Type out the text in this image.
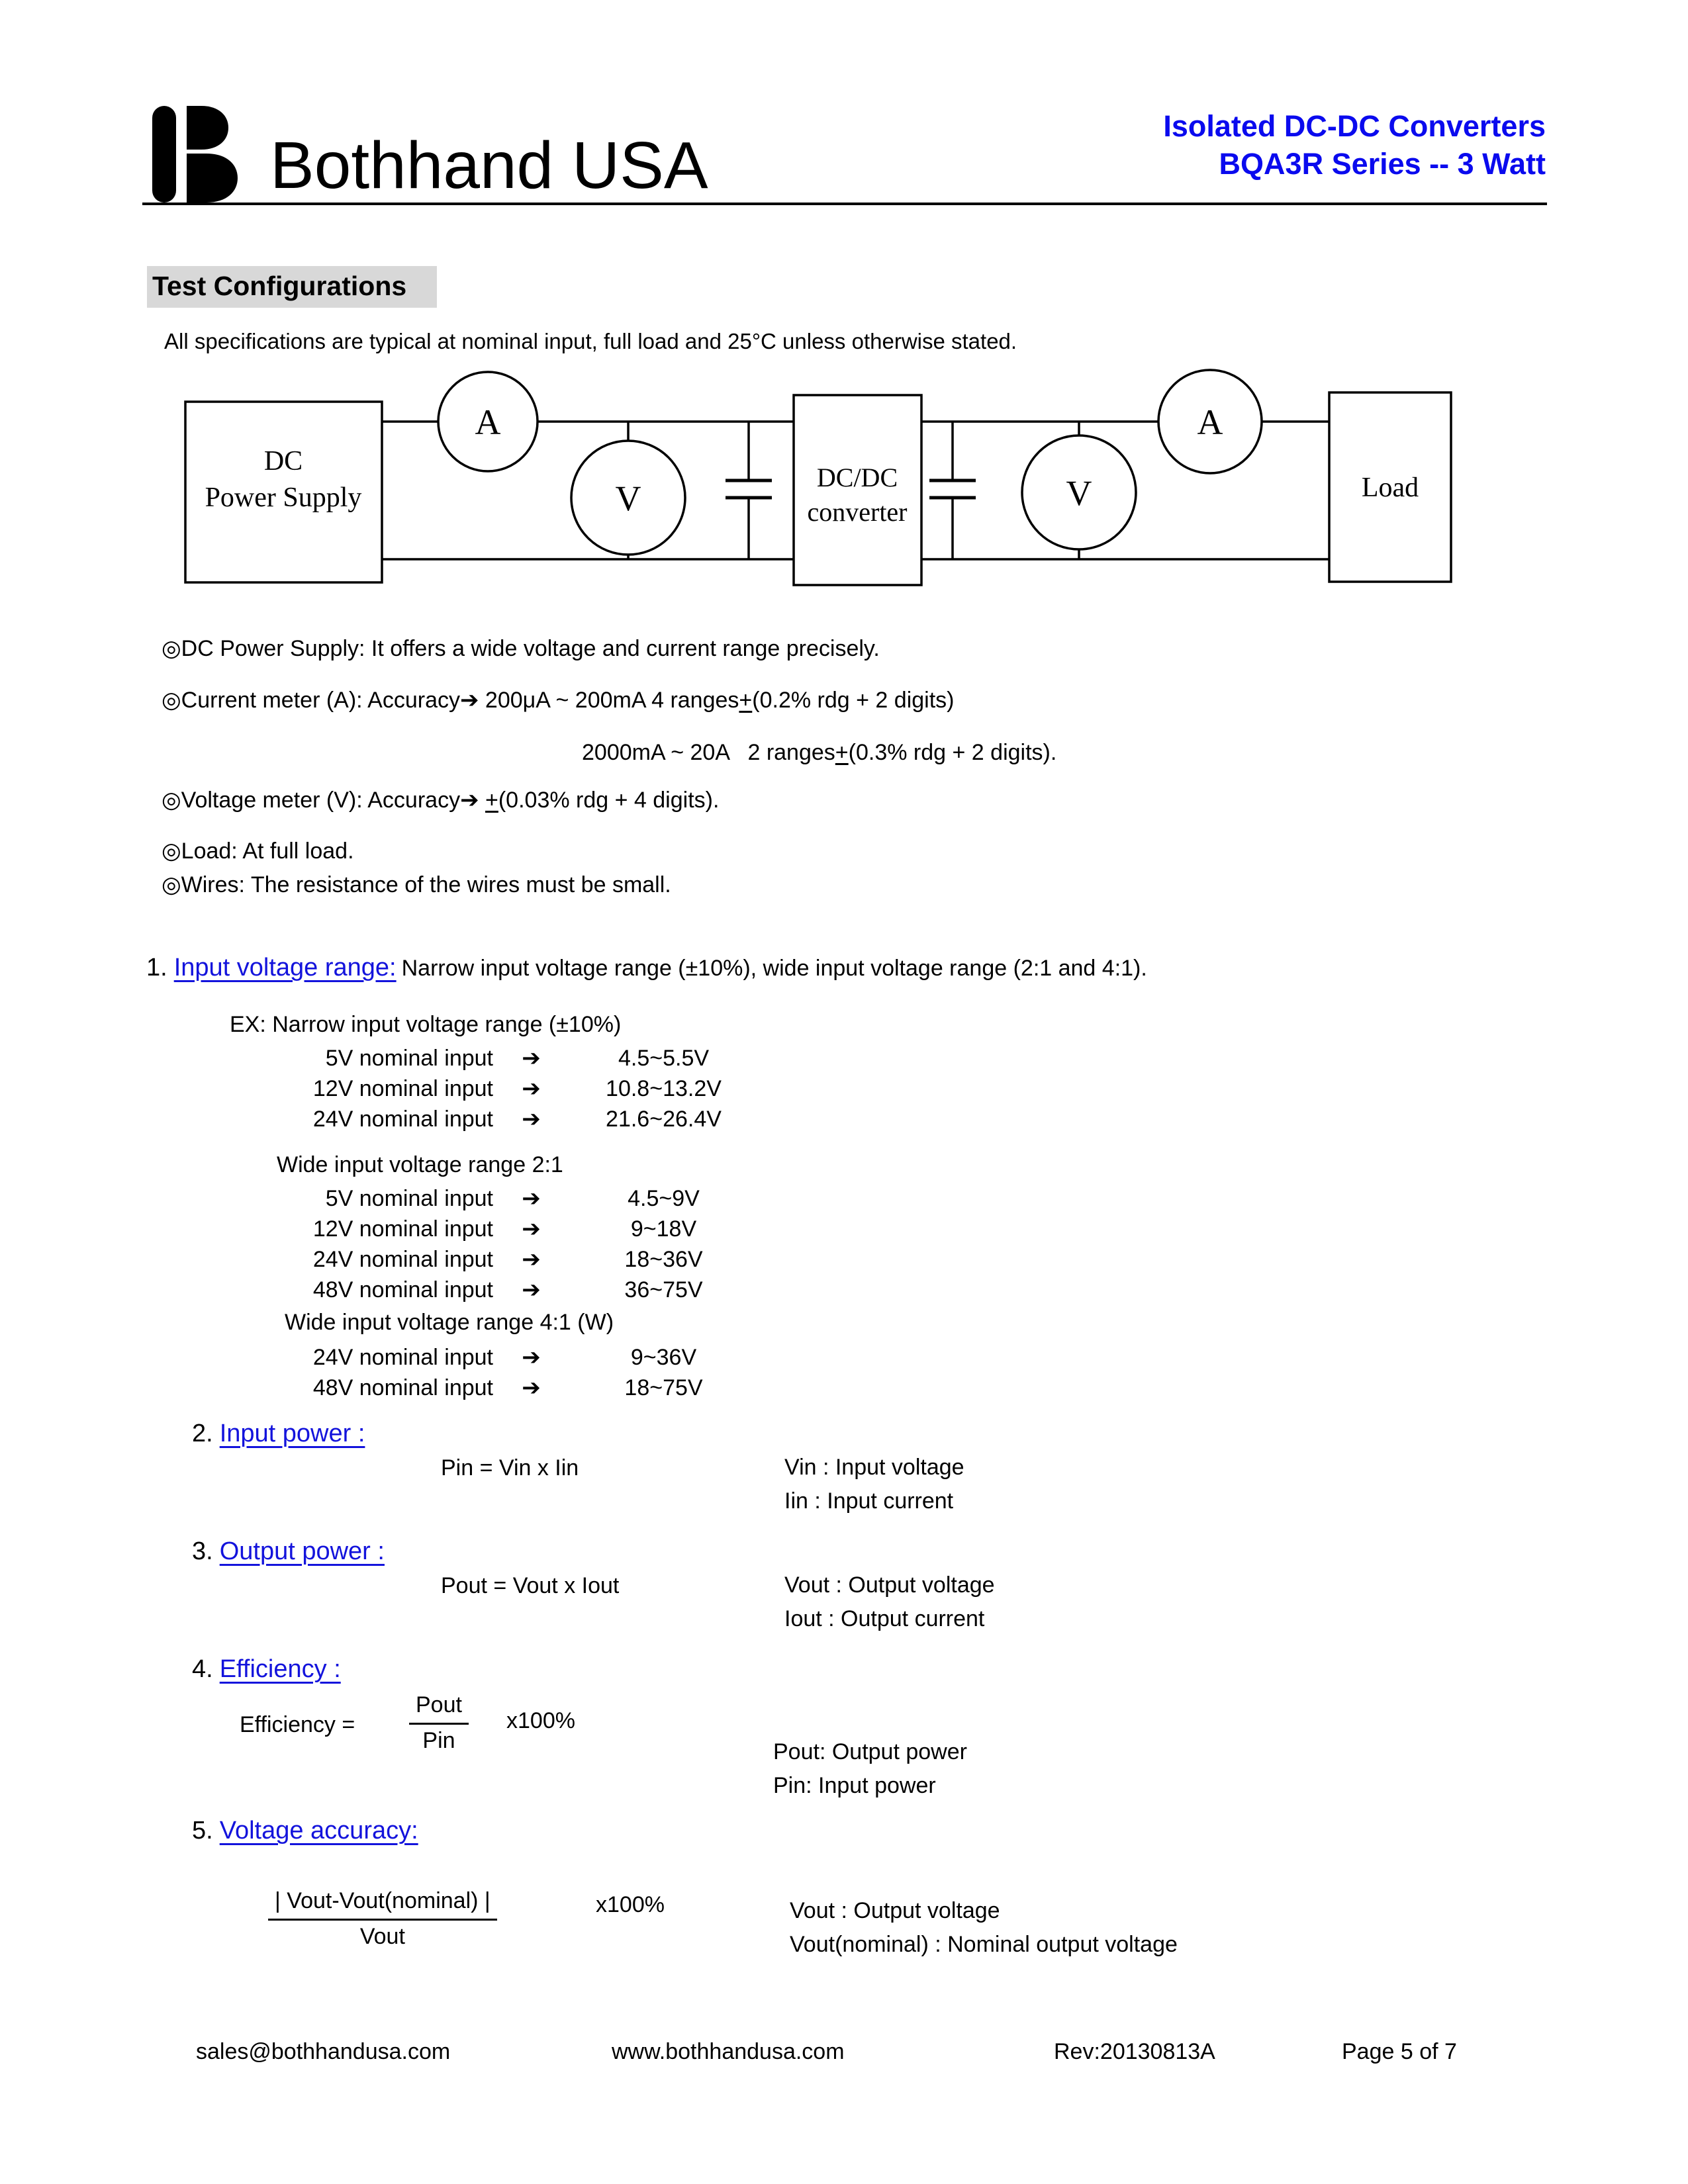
Bothhand USA
Isolated DC-DC Converters
BQA3R Series -- 3 Watt
Test Configurations
All specifications are typical at nominal input, full load and 25°C unless otherwise stated.
DC
Power Supply
A
V
DC/DC
converter	V
A
Load
◎DC Power Supply: It offers a wide voltage and current range precisely.
◎Current meter (A): Accuracy➔ 200μA ~ 200mA 4 ranges+(0.2% rdg + 2 digits)
2000mA ~ 20A   2 ranges+(0.3% rdg + 2 digits).
◎Voltage meter (V): Accuracy➔ +(0.03% rdg + 4 digits).
◎Load: At full load.
◎Wires: The resistance of the wires must be small.
1. Input voltage range: Narrow input voltage range (±10%), wide input voltage range (2:1 and 4:1).
EX: Narrow input voltage range (±10%)
5V nominal input	➔	4.5~5.5V
12V nominal input	➔	10.8~13.2V
24V nominal input	➔	21.6~26.4V
Wide input voltage range 2:1
5V nominal input	➔	4.5~9V
12V nominal input	➔	9~18V
24V nominal input	➔	18~36V
48V nominal input	➔	36~75V
Wide input voltage range 4:1 (W)
24V nominal input	➔	9~36V
48V nominal input	➔	18~75V
2. Input power :
Pin = Vin x Iin	Vin : Input voltage
Iin : Input current
3. Output power :
Pout = Vout x Iout	Vout : Output voltage
Iout : Output current
4. Efficiency :
Efficiency =
Pout
Pin
x100%
Pout: Output power
Pin: Input power
5. Voltage accuracy:
| Vout-Vout(nominal) |
Vout
x100%	Vout : Output voltage
Vout(nominal) : Nominal output voltage
sales@bothhandusa.com	www.bothhandusa.com	Rev:20130813A	Page 5 of 7
